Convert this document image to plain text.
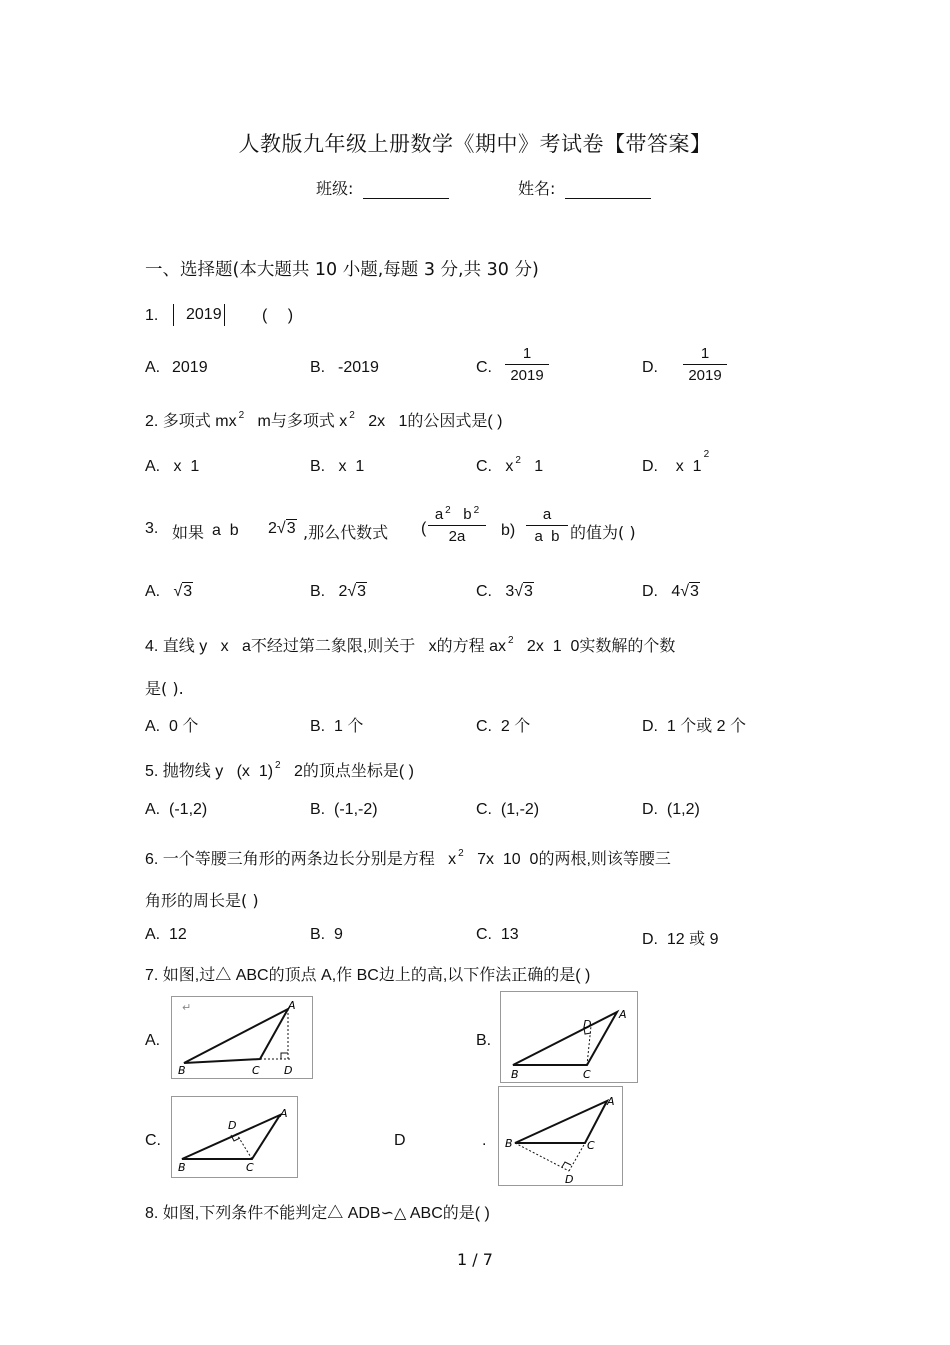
人教版九年级上册数学《期中》考试卷【带答案】
班级:	姓名:
一、选择题(本大题共 10 小题,每题 3 分,共 30 分)
1.	2019	( )
A. 2019	B. -2019	C.
1
2019	D.
1
2019
2. 多项式 mx $^2$ m与多项式 x $^2$ 2x 1的公因式是( )
A. x  1	B. x  1	C. x $^2$ 1	D. x  $1^2$
3. 如果 a  b 2√3 ,那么代数式 (
a $^2$ b $^2$
2a	b)
a
a  b 的值为( )
A. √3	B. 2√3	C. 3√3	D. 4√3
4. 直线 y   x   a不经过第二象限,则关于 x的方程 ax $^2$ 2x  1  0实数解的个数
是( ).
A. 0 个	B. 1 个	C. 2 个	D. 1 个或 2 个
5. 抛物线 y   (x  1) $^2$ 2的顶点坐标是( )
A. (-1,2)	B. (-1,-2)	C. (1,-2)	D. (1,2)
6. 一个等腰三角形的两条边长分别是方程 x $^2$ 7x  10  0的两根,则该等腰三
角形的周长是( )
A. 12	B. 9	C. 13	D. 12 或 9
7. 如图,过△ ABC的顶点 A,作 BC边上的高,以下作法正确的是( )
A.
↵	A
B	C D
B.
A
D
B	C
C.
A
D
B	C
D	.
A
B	C
D
8. 如图,下列条件不能判定△ ADB∽△ ABC的是( )
1 / 7
